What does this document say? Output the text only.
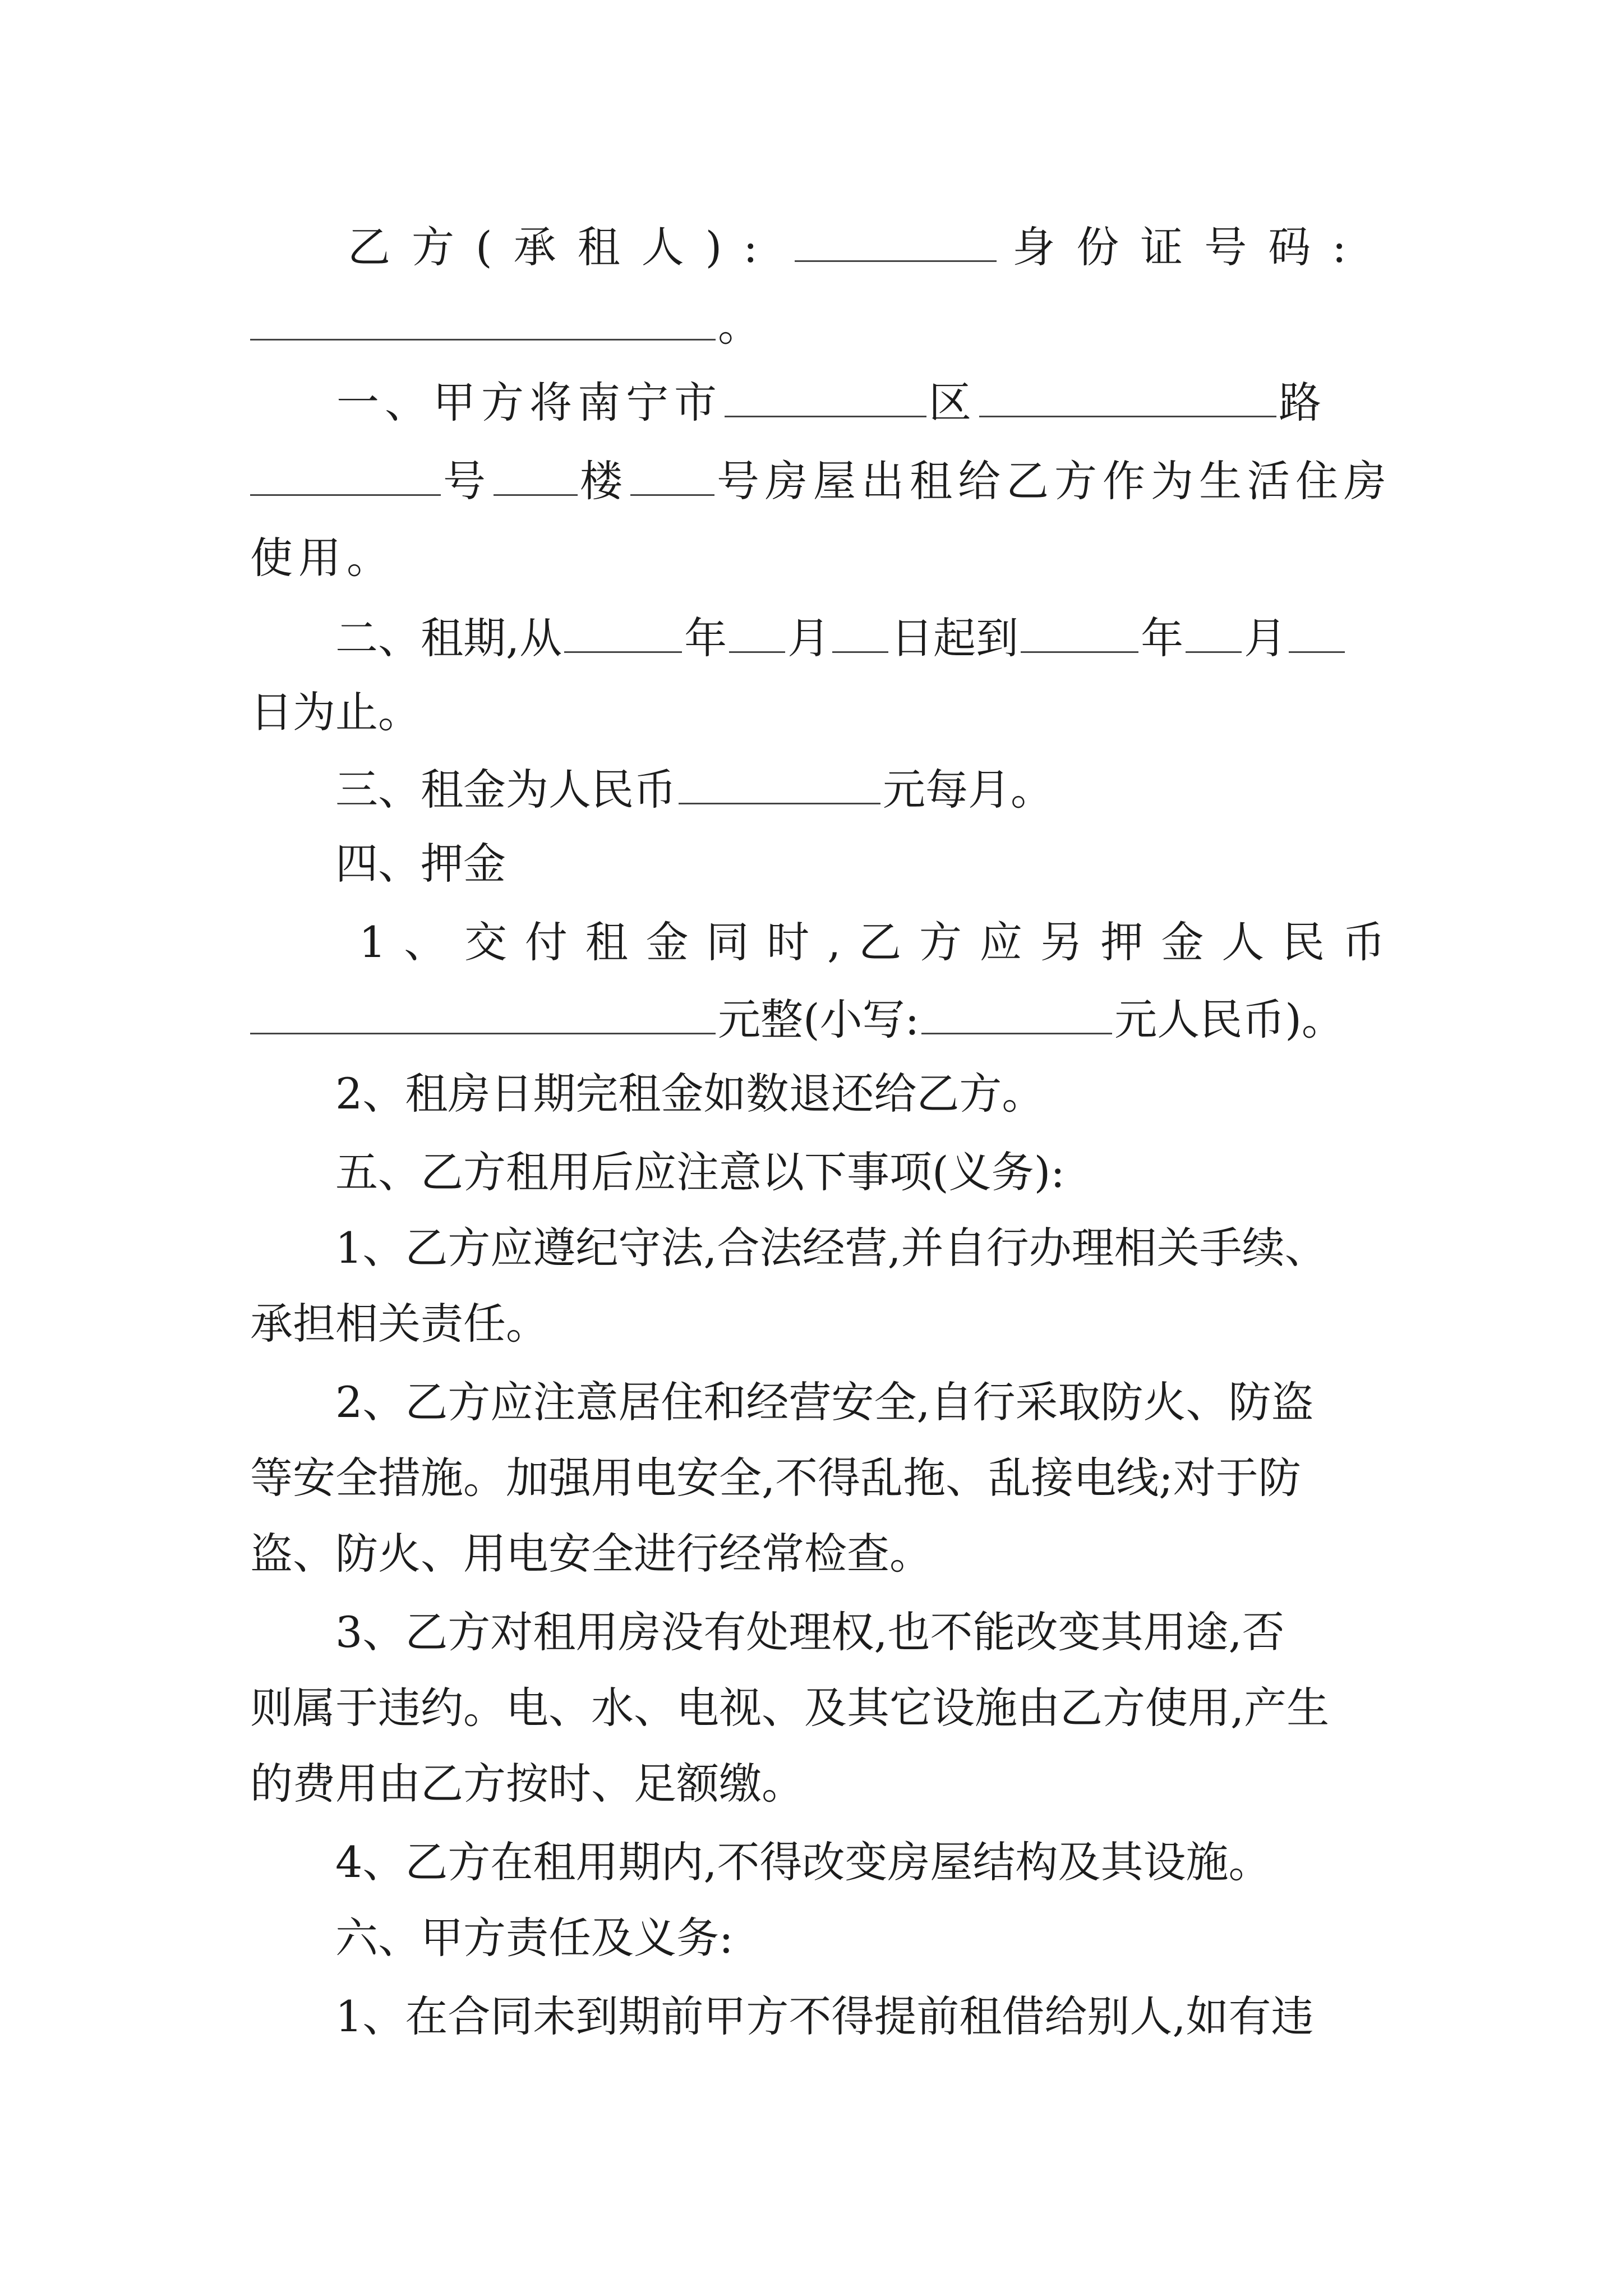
乙 方 ( 承 租 人 ) :	身 份 证 号 码 :
。
一、甲方将南宁市	区	路
号 楼 号房屋出租给乙方作为生活住房
使用。
二、租期,从	年 月 日起到	年 月
日为止。
三、租金为人民币	元每月。
四、押金
1 、 交 付 租 金 同 时 , 乙 方 应 另 押 金 人 民 币
元整(小写:	元人民币)。
2、租房日期完租金如数退还给乙方。
五、乙方租用后应注意以下事项(义务):
1、乙方应遵纪守法,合法经营,并自行办理相关手续、
承担相关责任。
2、乙方应注意居住和经营安全,自行采取防火、防盗
等安全措施。加强用电安全,不得乱拖、乱接电线;对于防
盗、防火、用电安全进行经常检查。
3、乙方对租用房没有处理权,也不能改变其用途,否
则属于违约。电、水、电视、及其它设施由乙方使用,产生
的费用由乙方按时、足额缴。
4、乙方在租用期内,不得改变房屋结构及其设施。
六、甲方责任及义务:
1、在合同未到期前甲方不得提前租借给别人,如有违
